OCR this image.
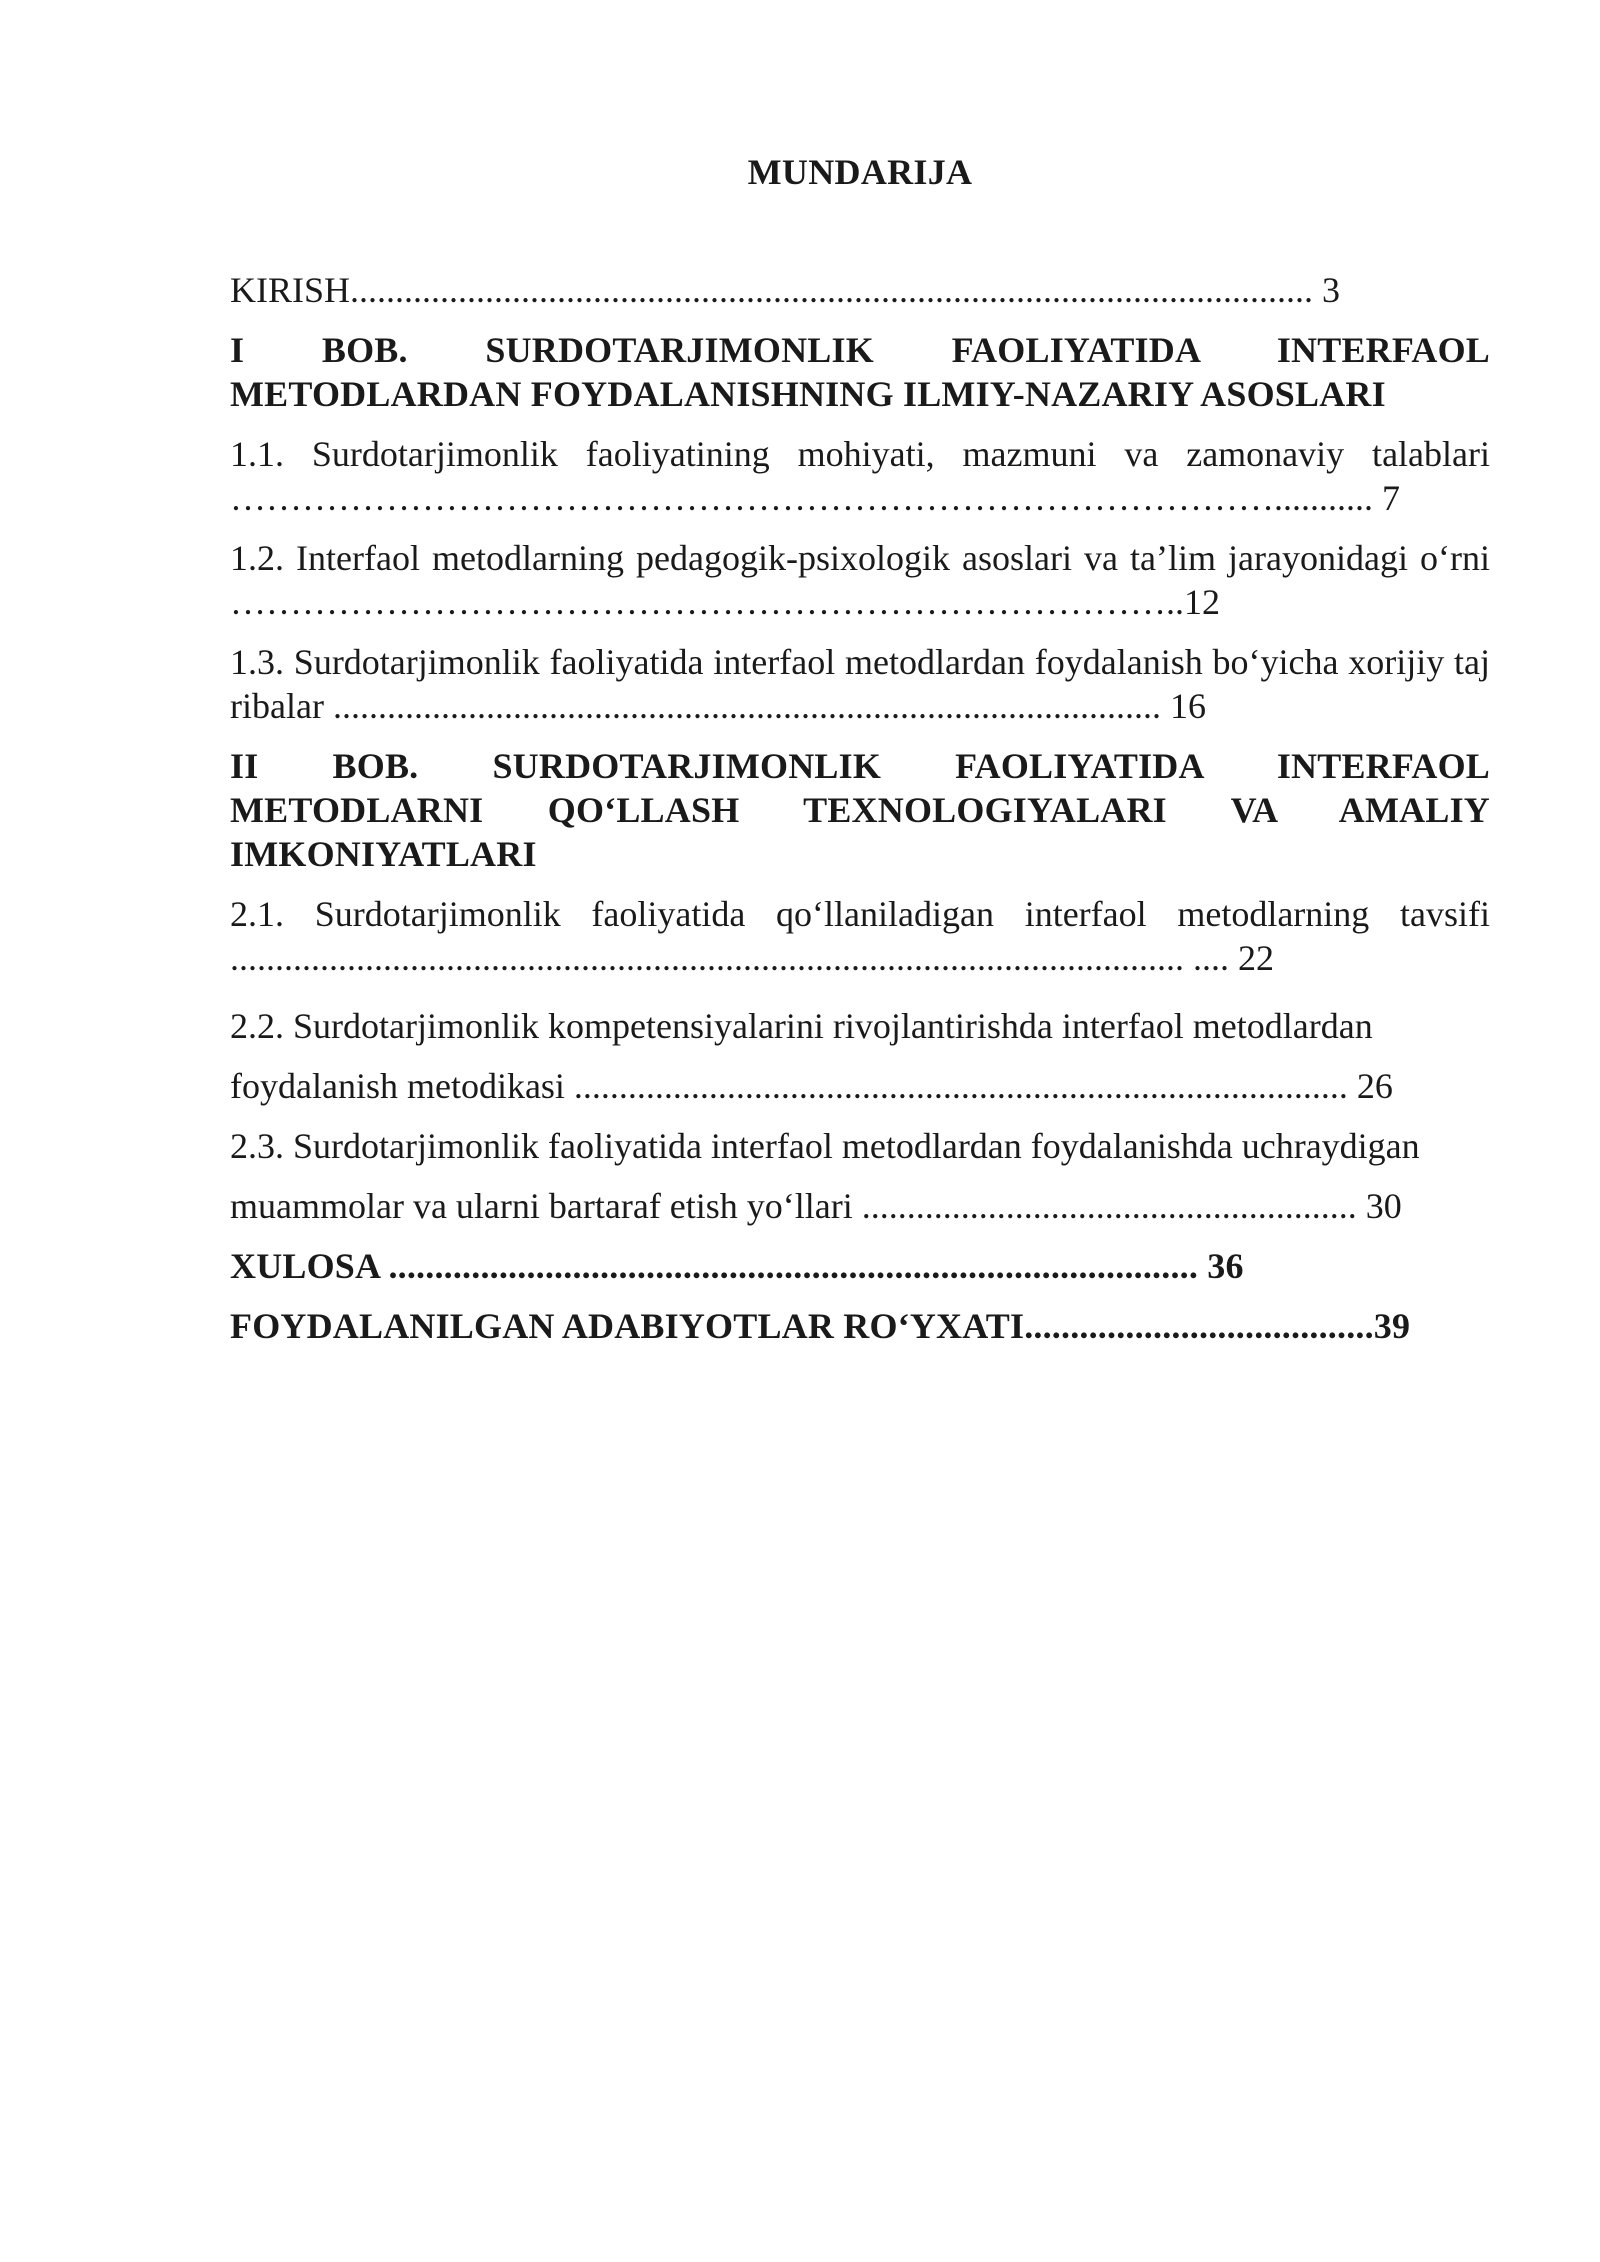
MUNDARIJA
KIRISH........................................................................................................... 3
I BOB. SURDOTARJIMONLIK FAOLIYATIDA INTERFAOL METODLARDAN FOYDALANISHNING ILMIY-NAZARIY ASOSLARI
1.1. Surdotarjimonlik faoliyatining mohiyati, mazmuni va zamonaviy talablari ……………………………………………………………………………........... 7
1.2. Interfaol metodlarning pedagogik-psixologik asoslari va ta’lim jarayonidagi o‘rni ……………………………………………………………………..12
1.3. Surdotarjimonlik faoliyatida interfaol metodlardan foydalanish bo‘yicha xorijiy tajribalar ............................................................................................ 16
II BOB. SURDOTARJIMONLIK FAOLIYATIDA INTERFAOL METODLARNI QO‘LLASH TEXNOLOGIYALARI VA AMALIY IMKONIYATLARI
2.1. Surdotarjimonlik faoliyatida qo‘llaniladigan interfaol metodlarning tavsifi .......................................................................................................... .... 22
2.2. Surdotarjimonlik kompetensiyalarini rivojlantirishda interfaol metodlardan
foydalanish metodikasi ...................................................................................... 26
2.3. Surdotarjimonlik faoliyatida interfaol metodlardan foydalanishda uchraydigan
muammolar va ularni bartaraf etish yo‘llari ....................................................... 30
XULOSA ........................................................................................ 36
FOYDALANILGAN ADABIYOTLAR RO‘YXATI......................................39
